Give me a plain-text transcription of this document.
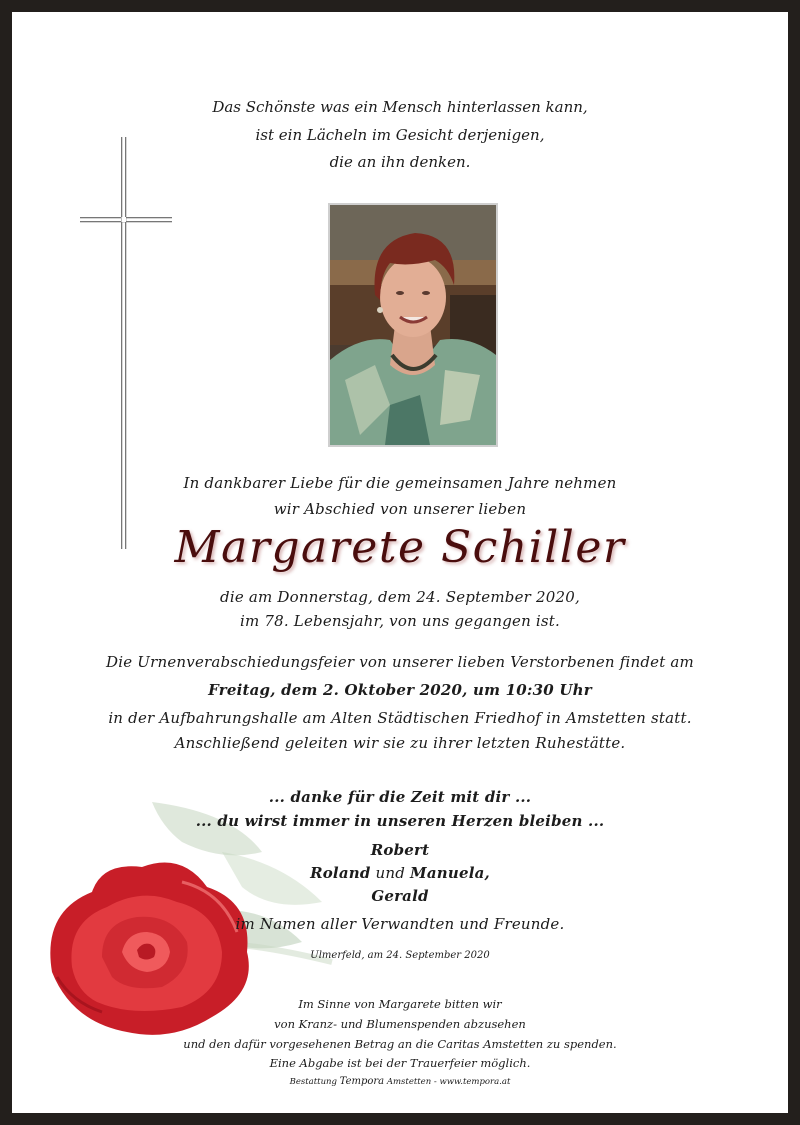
Das Schönste was ein Mensch hinterlassen kann,
ist ein Lächeln im Gesicht derjenigen,
die an ihn denken.
In dankbarer Liebe für die gemeinsamen Jahre nehmen
wir Abschied von unserer lieben
Margarete Schiller
die am Donnerstag, dem 24. September 2020,
im 78. Lebensjahr, von uns gegangen ist.
Die Urnenverabschiedungsfeier von unserer lieben Verstorbenen findet am
Freitag, dem 2. Oktober 2020, um 10:30 Uhr
in der Aufbahrungshalle am Alten Städtischen Friedhof in Amstetten statt.
Anschließend geleiten wir sie zu ihrer letzten Ruhestätte.
... danke für die Zeit mit dir ...
... du wirst immer in unseren Herzen bleiben ...
Robert
Roland und Manuela,
Gerald
im Namen aller Verwandten und Freunde.
Ulmerfeld, am 24. September 2020
Im Sinne von Margarete bitten wir
von Kranz- und Blumenspenden abzusehen
und den dafür vorgesehenen Betrag an die Caritas Amstetten zu spenden.
Eine Abgabe ist bei der Trauerfeier möglich.
Bestattung Tempora Amstetten - www.tempora.at
